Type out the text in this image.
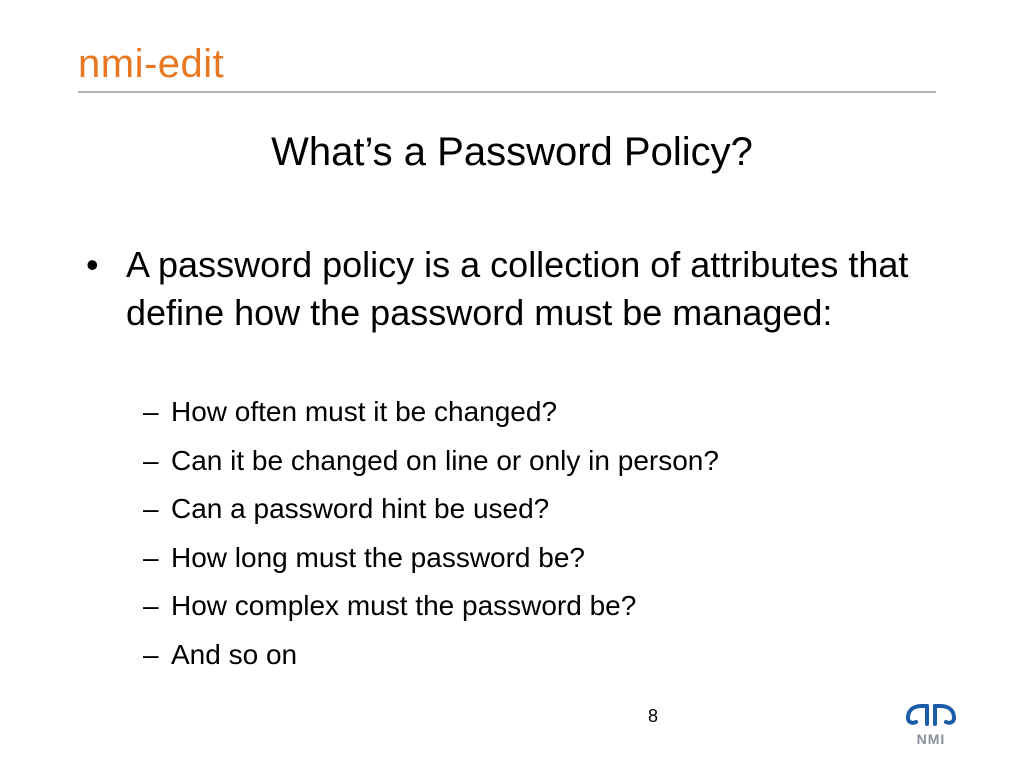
nmi-edit
What’s a Password Policy?
• A password policy is a collection of attributes that define how the password must be managed:
– How often must it be changed?
– Can it be changed on line or only in person?
– Can a password hint be used?
– How long must the password be?
– How complex must the password be?
– And so on
8
NMI
